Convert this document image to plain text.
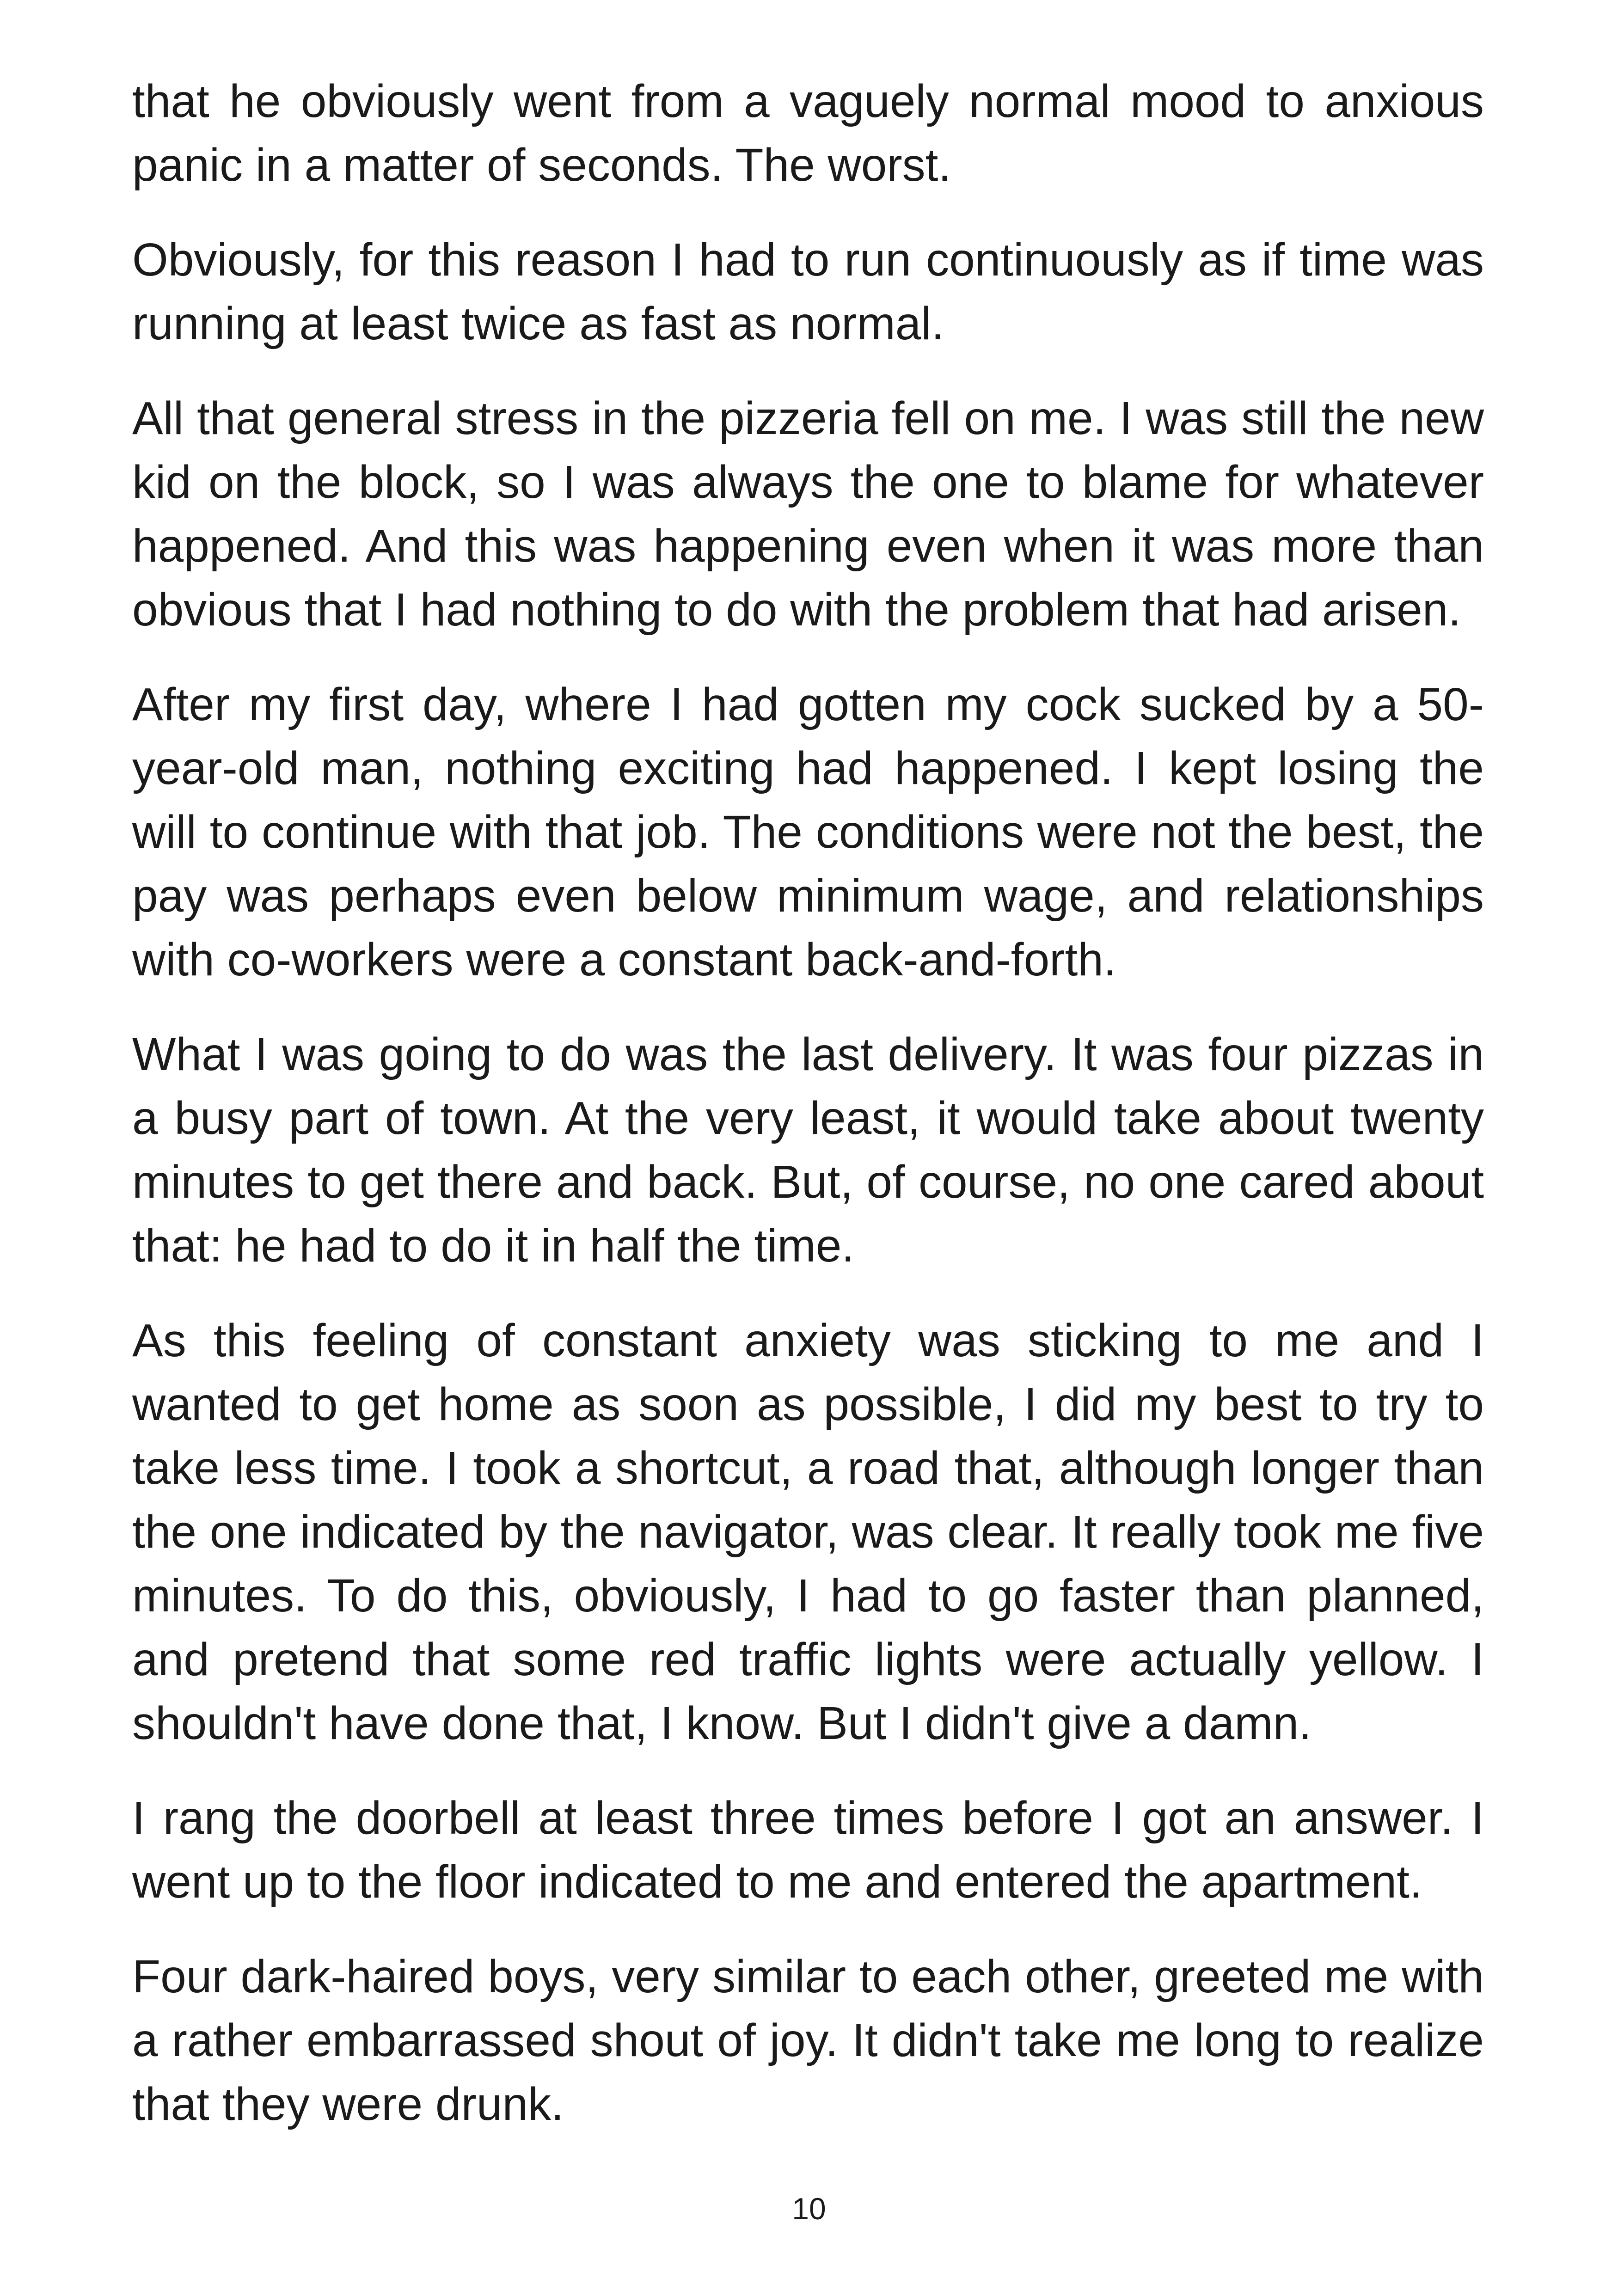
that he obviously went from a vaguely normal mood to anxious panic in a matter of seconds. The worst.

Obviously, for this reason I had to run continuously as if time was running at least twice as fast as normal.

All that general stress in the pizzeria fell on me. I was still the new kid on the block, so I was always the one to blame for whatever happened. And this was happening even when it was more than obvious that I had nothing to do with the problem that had arisen.

After my first day, where I had gotten my cock sucked by a 50-year-old man, nothing exciting had happened. I kept losing the will to continue with that job. The conditions were not the best, the pay was perhaps even below minimum wage, and relationships with co-workers were a constant back-and-forth.

What I was going to do was the last delivery. It was four pizzas in a busy part of town. At the very least, it would take about twenty minutes to get there and back. But, of course, no one cared about that: he had to do it in half the time.

As this feeling of constant anxiety was sticking to me and I wanted to get home as soon as possible, I did my best to try to take less time. I took a shortcut, a road that, although longer than the one indicated by the navigator, was clear. It really took me five minutes. To do this, obviously, I had to go faster than planned, and pretend that some red traffic lights were actually yellow. I shouldn't have done that, I know. But I didn't give a damn.

I rang the doorbell at least three times before I got an answer. I went up to the floor indicated to me and entered the apartment.

Four dark-haired boys, very similar to each other, greeted me with a rather embarrassed shout of joy. It didn't take me long to realize that they were drunk.

10
